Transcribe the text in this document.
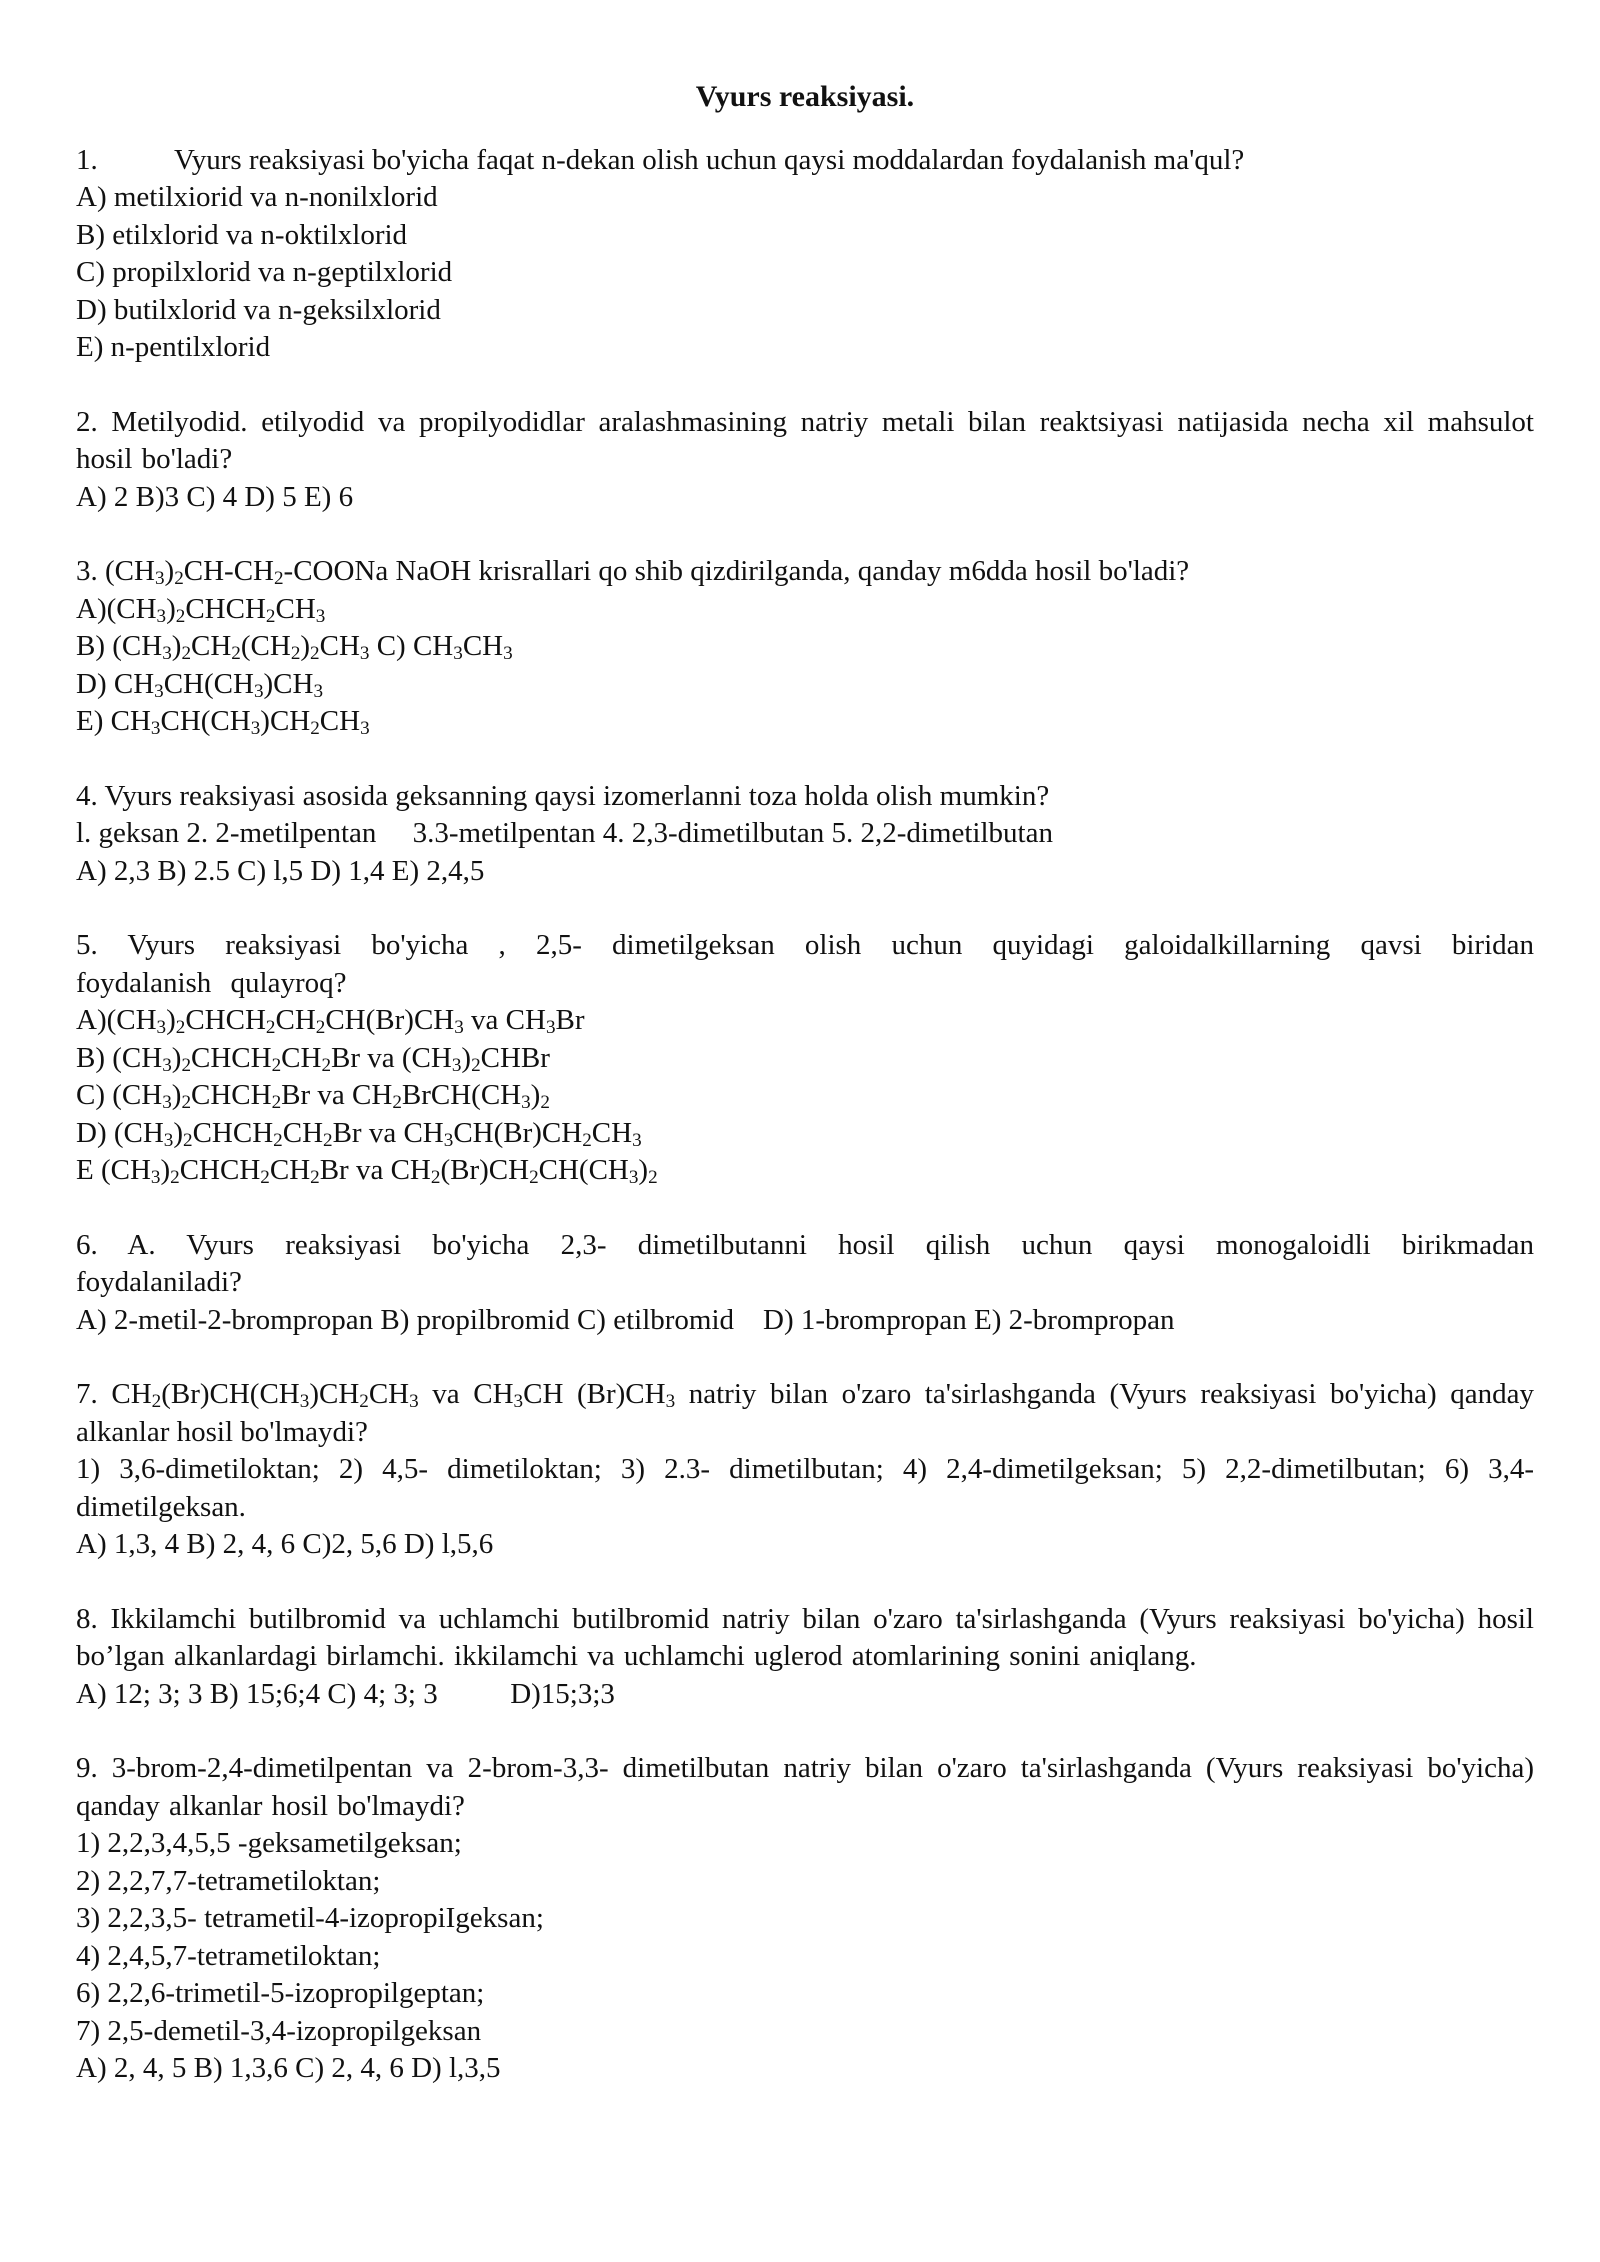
Vyurs reaksiyasi.
1.	Vyurs reaksiyasi bo'yicha faqat n-dekan olish uchun qaysi moddalardan foydalanish ma'qul?
A) metilxiorid va n-nonilxlorid
B) etilxlorid va n-oktilxlorid
C) propilxlorid va n-geptilxlorid
D) butilxlorid va n-geksilxlorid
E) n-pentilxlorid
2. Metilyodid. etilyodid va propilyodidlar aralashmasining natriy metali bilan reaktsiyasi natijasida necha xil mahsulot hosil bo'ladi?
A) 2 B)3 C) 4 D) 5 E) 6
3. $(CH_3)_2CH-CH_2$-COONa NaOH krisrallari qo shib qizdirilganda, qanday m6dda hosil bo'ladi?
$A)(CH_3)_2CHCH_2CH_3$
B) $(CH_3)_2CH_2(CH_2)_2CH_3$ C) $CH_3CH_3$
D) $CH_3CH(CH_3)CH_3$
E) $CH_3CH(CH_3)CH_2CH_3$
4. Vyurs reaksiyasi asosida geksanning qaysi izomerlanni toza holda olish mumkin?
l. geksan 2. 2-metilpentan     3.3-metilpentan 4. 2,3-dimetilbutan 5. 2,2-dimetilbutan
A) 2,3 B) 2.5 C) l,5 D) 1,4 E) 2,4,5
5. Vyurs reaksiyasi bo'yicha , 2,5- dimetilgeksan olish uchun quyidagi galoidalkillarning qavsi biridan foydalanish qulayroq?
$A)(CH_3)_2CHCH_2CH_2CH(Br)CH_3$ va $CH_3Br$
B) $(CH_3)_2CHCH_2CH_2Br$ va $(CH_3)_2CHBr$
C) $(CH_3)_2CHCH_2Br$ va $CH_2BrCH(CH_3)_2$
D) $(CH_3)_2CHCH_2CH_2Br$ va $CH_3CH(Br)CH_2CH_3$
E $(CH_3)_2CHCH_2CH_2Br$ va $CH_2(Br)CH_2CH(CH_3)_2$
6. A. Vyurs reaksiyasi bo'yicha 2,3- dimetilbutanni hosil qilish uchun qaysi monogaloidli birikmadan foydalaniladi?
A) 2-metil-2-brompropan B) propilbromid C) etilbromid    D) 1-brompropan E) 2-brompropan
7. $CH_2(Br)CH(CH_3)CH_2CH_3$ va $CH_3CH$ $(Br)CH_3$ natriy bilan o'zaro ta'sirlashganda (Vyurs reaksiyasi bo'yicha) qanday alkanlar hosil bo'lmaydi?
1) 3,6-dimetiloktan; 2) 4,5- dimetiloktan; 3) 2.3- dimetilbutan; 4) 2,4-dimetilgeksan; 5) 2,2-dimetilbutan; 6) 3,4-dimetilgeksan.
A) 1,3, 4 B) 2, 4, 6 C)2, 5,6 D) l,5,6
8. Ikkilamchi butilbromid va uchlamchi butilbromid natriy bilan o'zaro ta'sirlashganda (Vyurs reaksiyasi bo'yicha) hosil bo’lgan alkanlardagi birlamchi. ikkilamchi va uchlamchi uglerod atomlarining sonini aniqlang.
A) 12; 3; 3 B) 15;6;4 C) 4; 3; 3          D)15;3;3
9. 3-brom-2,4-dimetilpentan va 2-brom-3,3- dimetilbutan natriy bilan o'zaro ta'sirlashganda (Vyurs reaksiyasi bo'yicha) qanday alkanlar hosil bo'lmaydi?
1) 2,2,3,4,5,5 -geksametilgeksan;
2) 2,2,7,7-tetrametiloktan;
3) 2,2,3,5- tetrametil-4-izopropiIgeksan;
4) 2,4,5,7-tetrametiloktan;
6) 2,2,6-trimetil-5-izopropilgeptan;
7) 2,5-demetil-3,4-izopropilgeksan
A) 2, 4, 5 B) 1,3,6 C) 2, 4, 6 D) l,3,5
